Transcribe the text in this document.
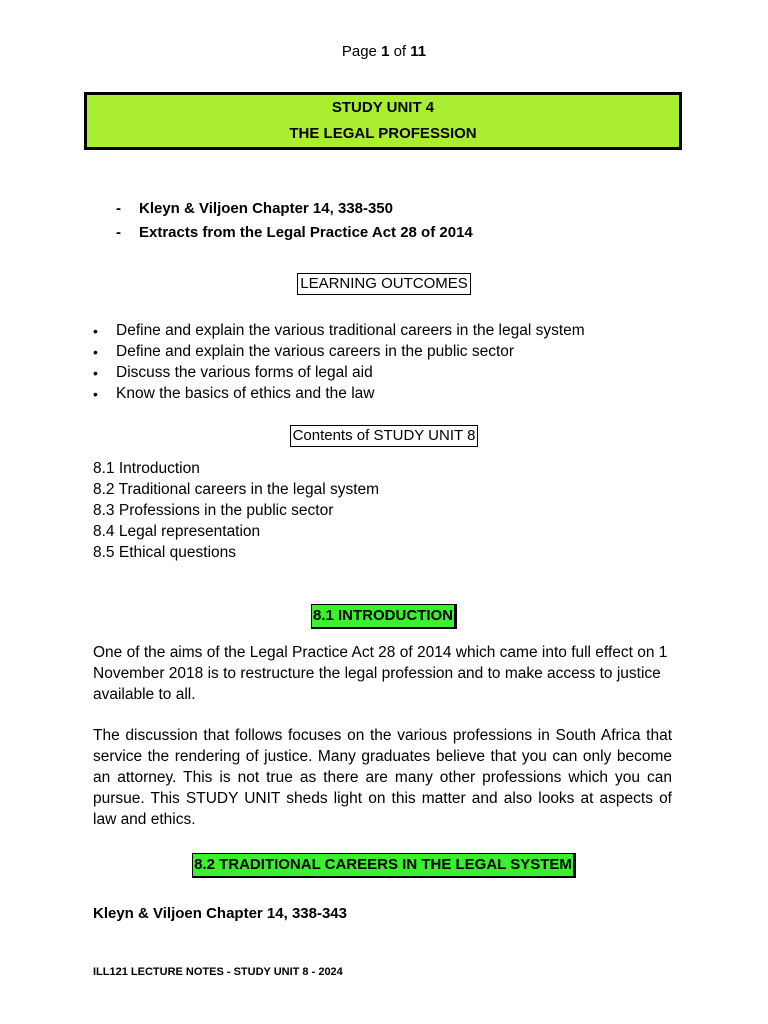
Page 1 of 11
STUDY UNIT 4
THE LEGAL PROFESSION
-	Kleyn & Viljoen Chapter 14, 338-350
-	Extracts from the Legal Practice Act 28 of 2014
LEARNING OUTCOMES
•	Define and explain the various traditional careers in the legal system
•	Define and explain the various careers in the public sector
•	Discuss the various forms of legal aid
•	Know the basics of ethics and the law
Contents of STUDY UNIT 8
8.1 Introduction
8.2 Traditional careers in the legal system
8.3 Professions in the public sector
8.4 Legal representation
8.5 Ethical questions
8.1 INTRODUCTION
One of the aims of the Legal Practice Act 28 of 2014 which came into full effect on 1 November 2018 is to restructure the legal profession and to make access to justice available to all.
The discussion that follows focuses on the various professions in South Africa that service the rendering of justice. Many graduates believe that you can only become an attorney. This is not true as there are many other professions which you can pursue. This STUDY UNIT sheds light on this matter and also looks at aspects of law and ethics.
8.2 TRADITIONAL CAREERS IN THE LEGAL SYSTEM
Kleyn & Viljoen Chapter 14, 338-343
ILL121 LECTURE NOTES - STUDY UNIT 8 - 2024
